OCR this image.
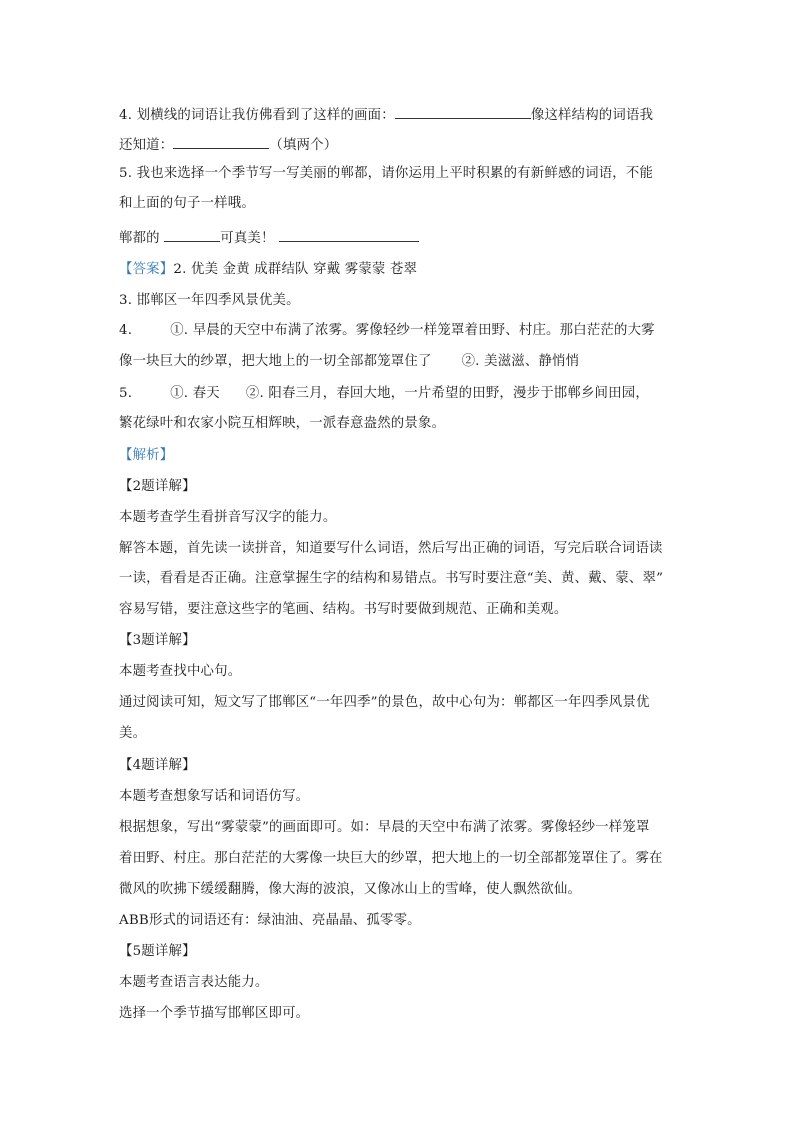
4. 划横线的词语让我仿佛看到了这样的画面：	像这样结构的词语我
还知道：	（填两个）
5. 我也来选择一个季节写一写美丽的郸都，请你运用上平时积累的有新鲜感的词语，不能
和上面的句子一样哦。
郸都的	可真美！
【答案】2. 优美 金黄 成群结队 穿戴 雾蒙蒙 苍翠
3. 邯郸区一年四季风景优美。
4.	①. 早晨的天空中布满了浓雾。雾像轻纱一样笼罩着田野、村庄。那白茫茫的大雾
像一块巨大的纱罩，把大地上的一切全部都笼罩住了 ②. 美滋滋、静悄悄
5.	①. 春天 ②. 阳春三月，春回大地，一片希望的田野，漫步于邯郸乡间田园，
繁花绿叶和农家小院互相辉映，一派春意盎然的景象。
【解析】
【2题详解】
本题考查学生看拼音写汉字的能力。
解答本题，首先读一读拼音，知道要写什么词语，然后写出正确的词语，写完后联合词语读
一读，看看是否正确。注意掌握生字的结构和易错点。书写时要注意“美、黄、戴、蒙、翠”
容易写错，要注意这些字的笔画、结构。书写时要做到规范、正确和美观。
【3题详解】
本题考查找中心句。
通过阅读可知，短文写了邯郸区“一年四季”的景色，故中心句为：郸都区一年四季风景优
美。
【4题详解】
本题考查想象写话和词语仿写。
根据想象，写出“雾蒙蒙”的画面即可。如：早晨的天空中布满了浓雾。雾像轻纱一样笼罩
着田野、村庄。那白茫茫的大雾像一块巨大的纱罩，把大地上的一切全部都笼罩住了。雾在
微风的吹拂下缓缓翻腾，像大海的波浪，又像冰山上的雪峰，使人飘然欲仙。
ABB形式的词语还有：绿油油、亮晶晶、孤零零。
【5题详解】
本题考查语言表达能力。
选择一个季节描写邯郸区即可。
